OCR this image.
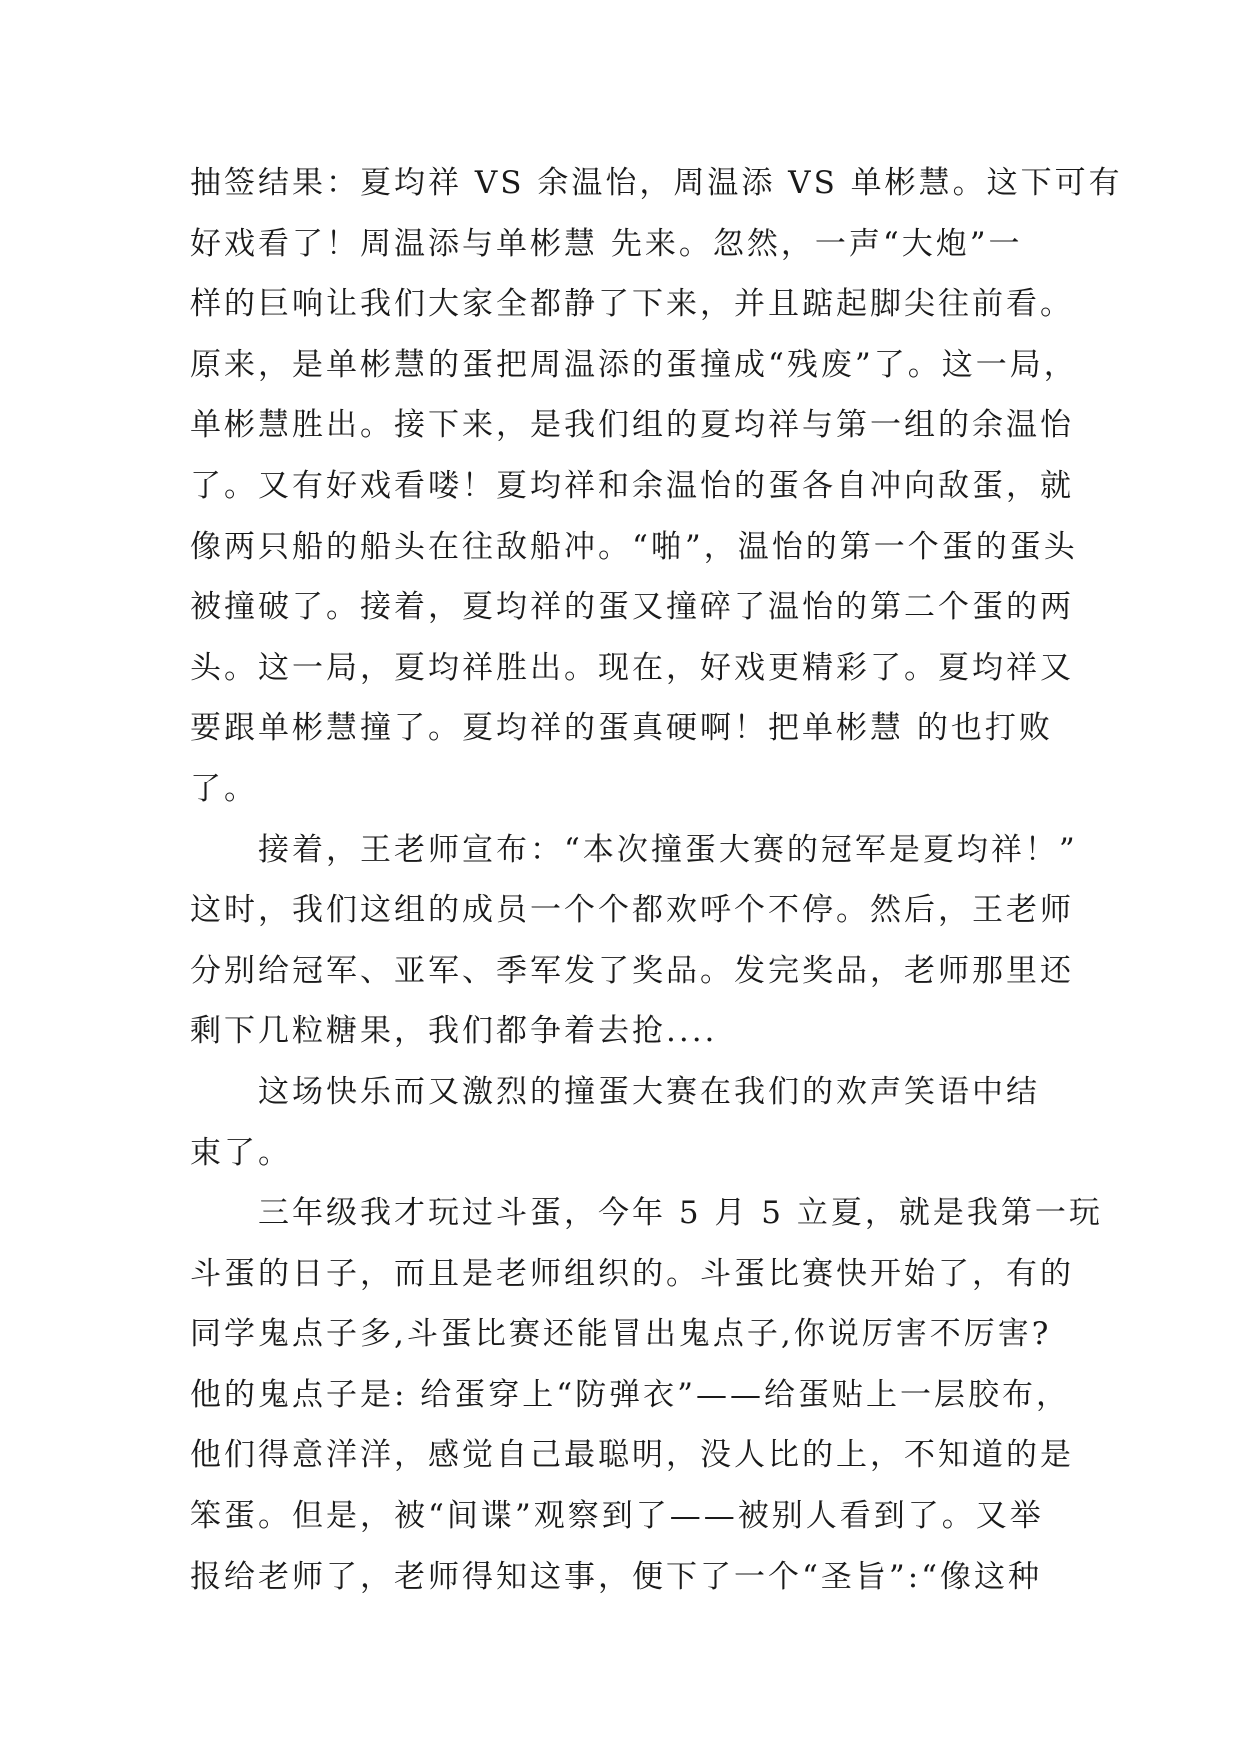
抽签结果：夏均祥 VS 余温怡，周温添 VS 单彬慧。这下可有
好戏看了！周温添与单彬慧 先来。忽然，一声“大炮”一
样的巨响让我们大家全都静了下来，并且踮起脚尖往前看。
原来，是单彬慧的蛋把周温添的蛋撞成“残废”了。这一局，
单彬慧胜出。接下来，是我们组的夏均祥与第一组的余温怡
了。又有好戏看喽！夏均祥和余温怡的蛋各自冲向敌蛋，就
像两只船的船头在往敌船冲。“啪”，温怡的第一个蛋的蛋头
被撞破了。接着，夏均祥的蛋又撞碎了温怡的第二个蛋的两
头。这一局，夏均祥胜出。现在，好戏更精彩了。夏均祥又
要跟单彬慧撞了。夏均祥的蛋真硬啊！把单彬慧 的也打败
了。
接着，王老师宣布：“本次撞蛋大赛的冠军是夏均祥！”
这时，我们这组的成员一个个都欢呼个不停。然后，王老师
分别给冠军、亚军、季军发了奖品。发完奖品，老师那里还
剩下几粒糖果，我们都争着去抢....
这场快乐而又激烈的撞蛋大赛在我们的欢声笑语中结
束了。
三年级我才玩过斗蛋，今年 5 月 5 立夏，就是我第一玩
斗蛋的日子，而且是老师组织的。斗蛋比赛快开始了，有的
同学鬼点子多,斗蛋比赛还能冒出鬼点子,你说厉害不厉害?
他的鬼点子是: 给蛋穿上“防弹衣”——给蛋贴上一层胶布，
他们得意洋洋，感觉自己最聪明，没人比的上，不知道的是
笨蛋。但是，被“间谍”观察到了——被别人看到了。又举
报给老师了，老师得知这事，便下了一个“圣旨”:“像这种
